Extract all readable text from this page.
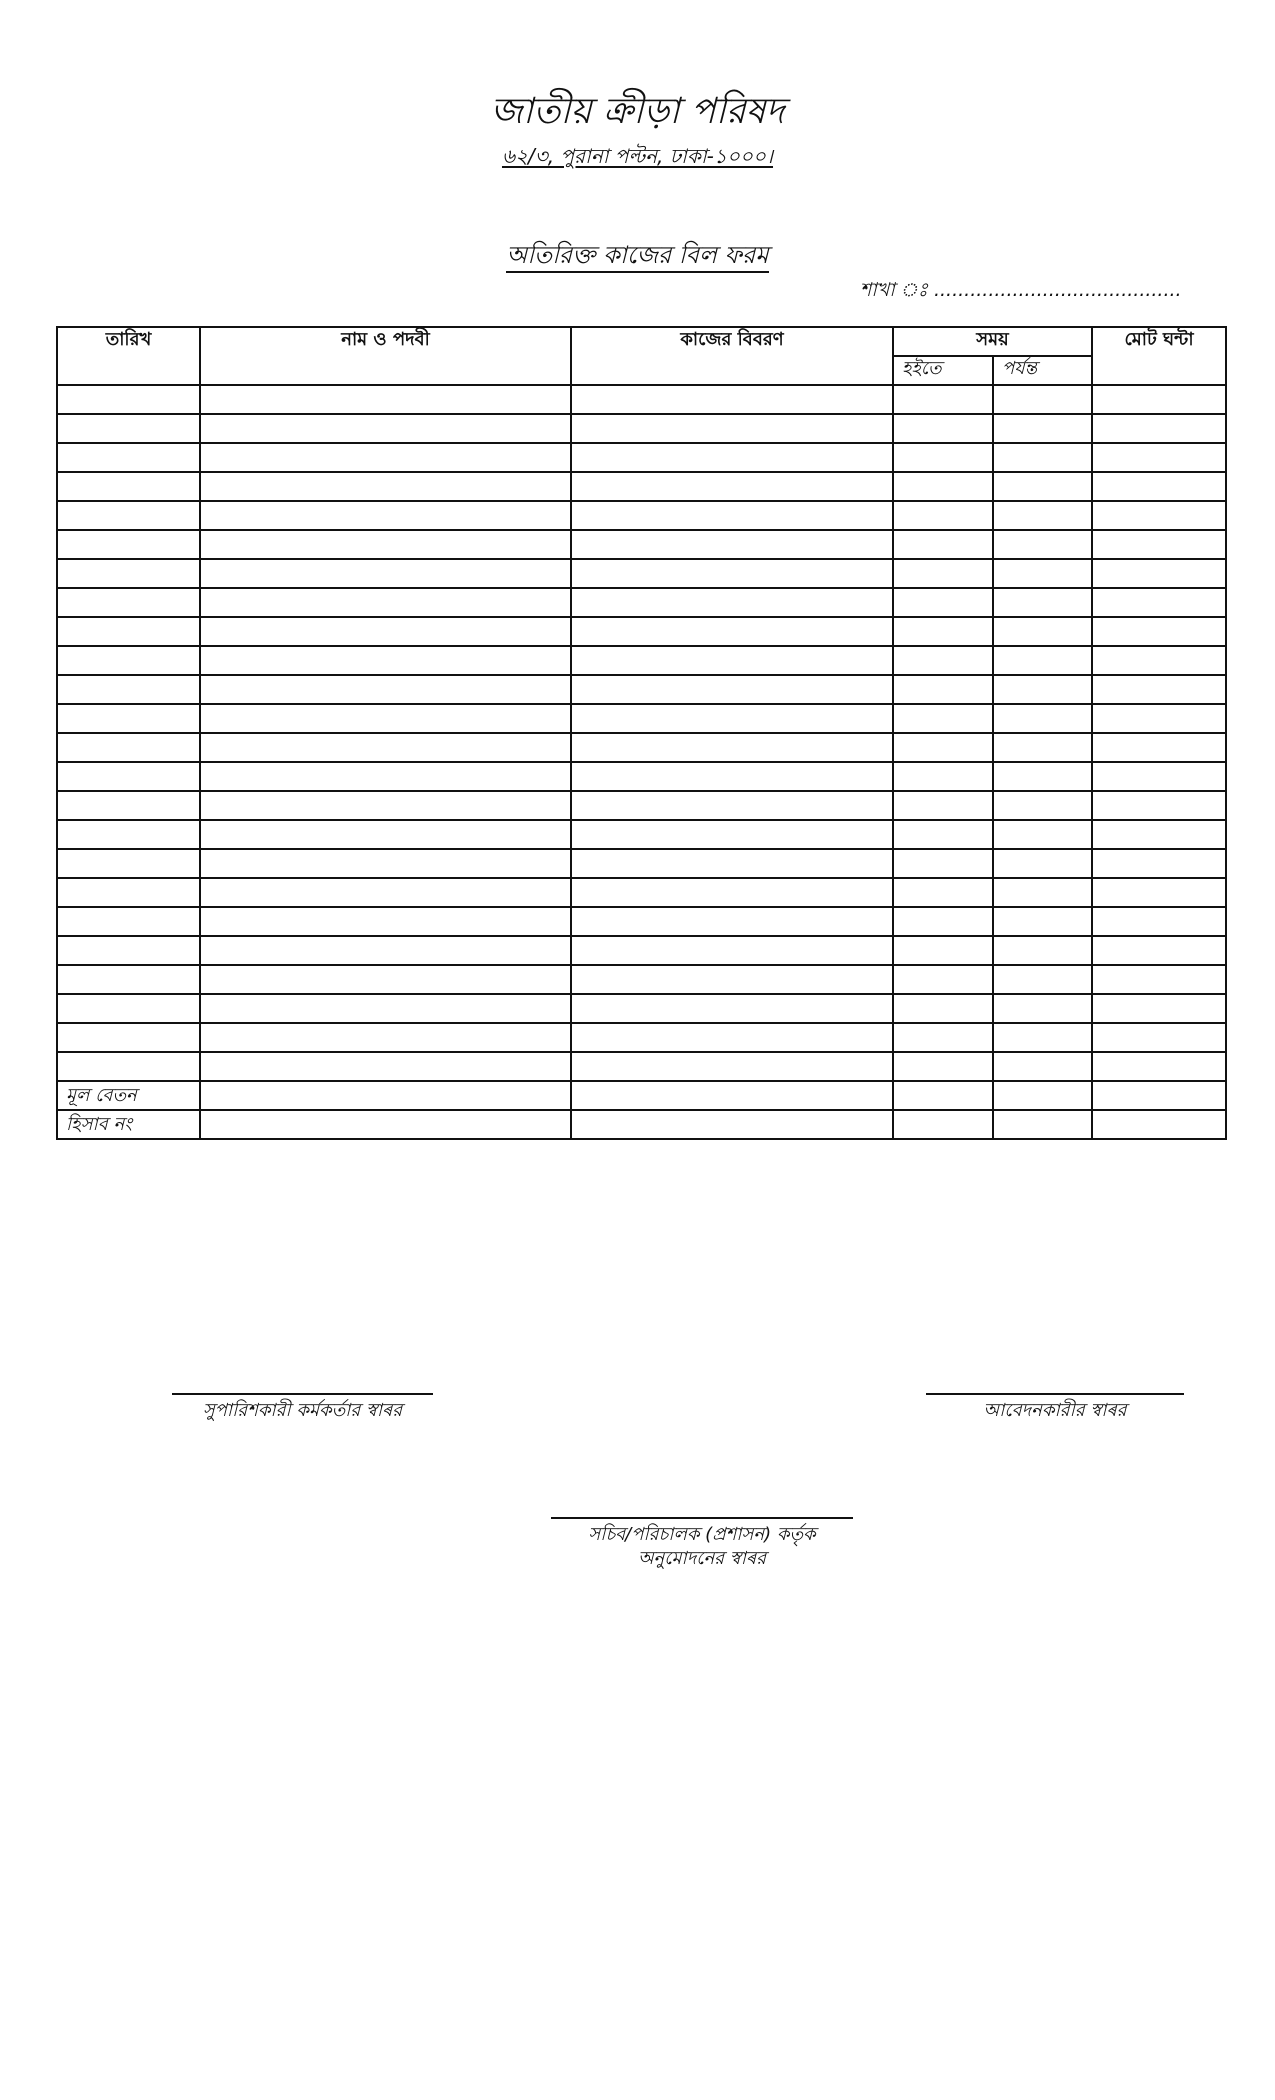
জাতীয় ক্রীড়া পরিষদ
৬২/৩, পুরানা পল্টন, ঢাকা-১০০০।
অতিরিক্ত কাজের বিল ফরম
শাখা ঃ .........................................
তারিখ	নাম ও পদবী	কাজের বিবরণ	সময়		মোট ঘন্টা
			হইতে	পর্যন্ত	

মূল বেতন					
হিসাব নং					
সুপারিশকারী কর্মকর্তার স্বাৰর	আবেদনকারীর স্বাৰর
সচিব/পরিচালক (প্রশাসন) কর্তৃক
অনুমোদনের স্বাৰর
